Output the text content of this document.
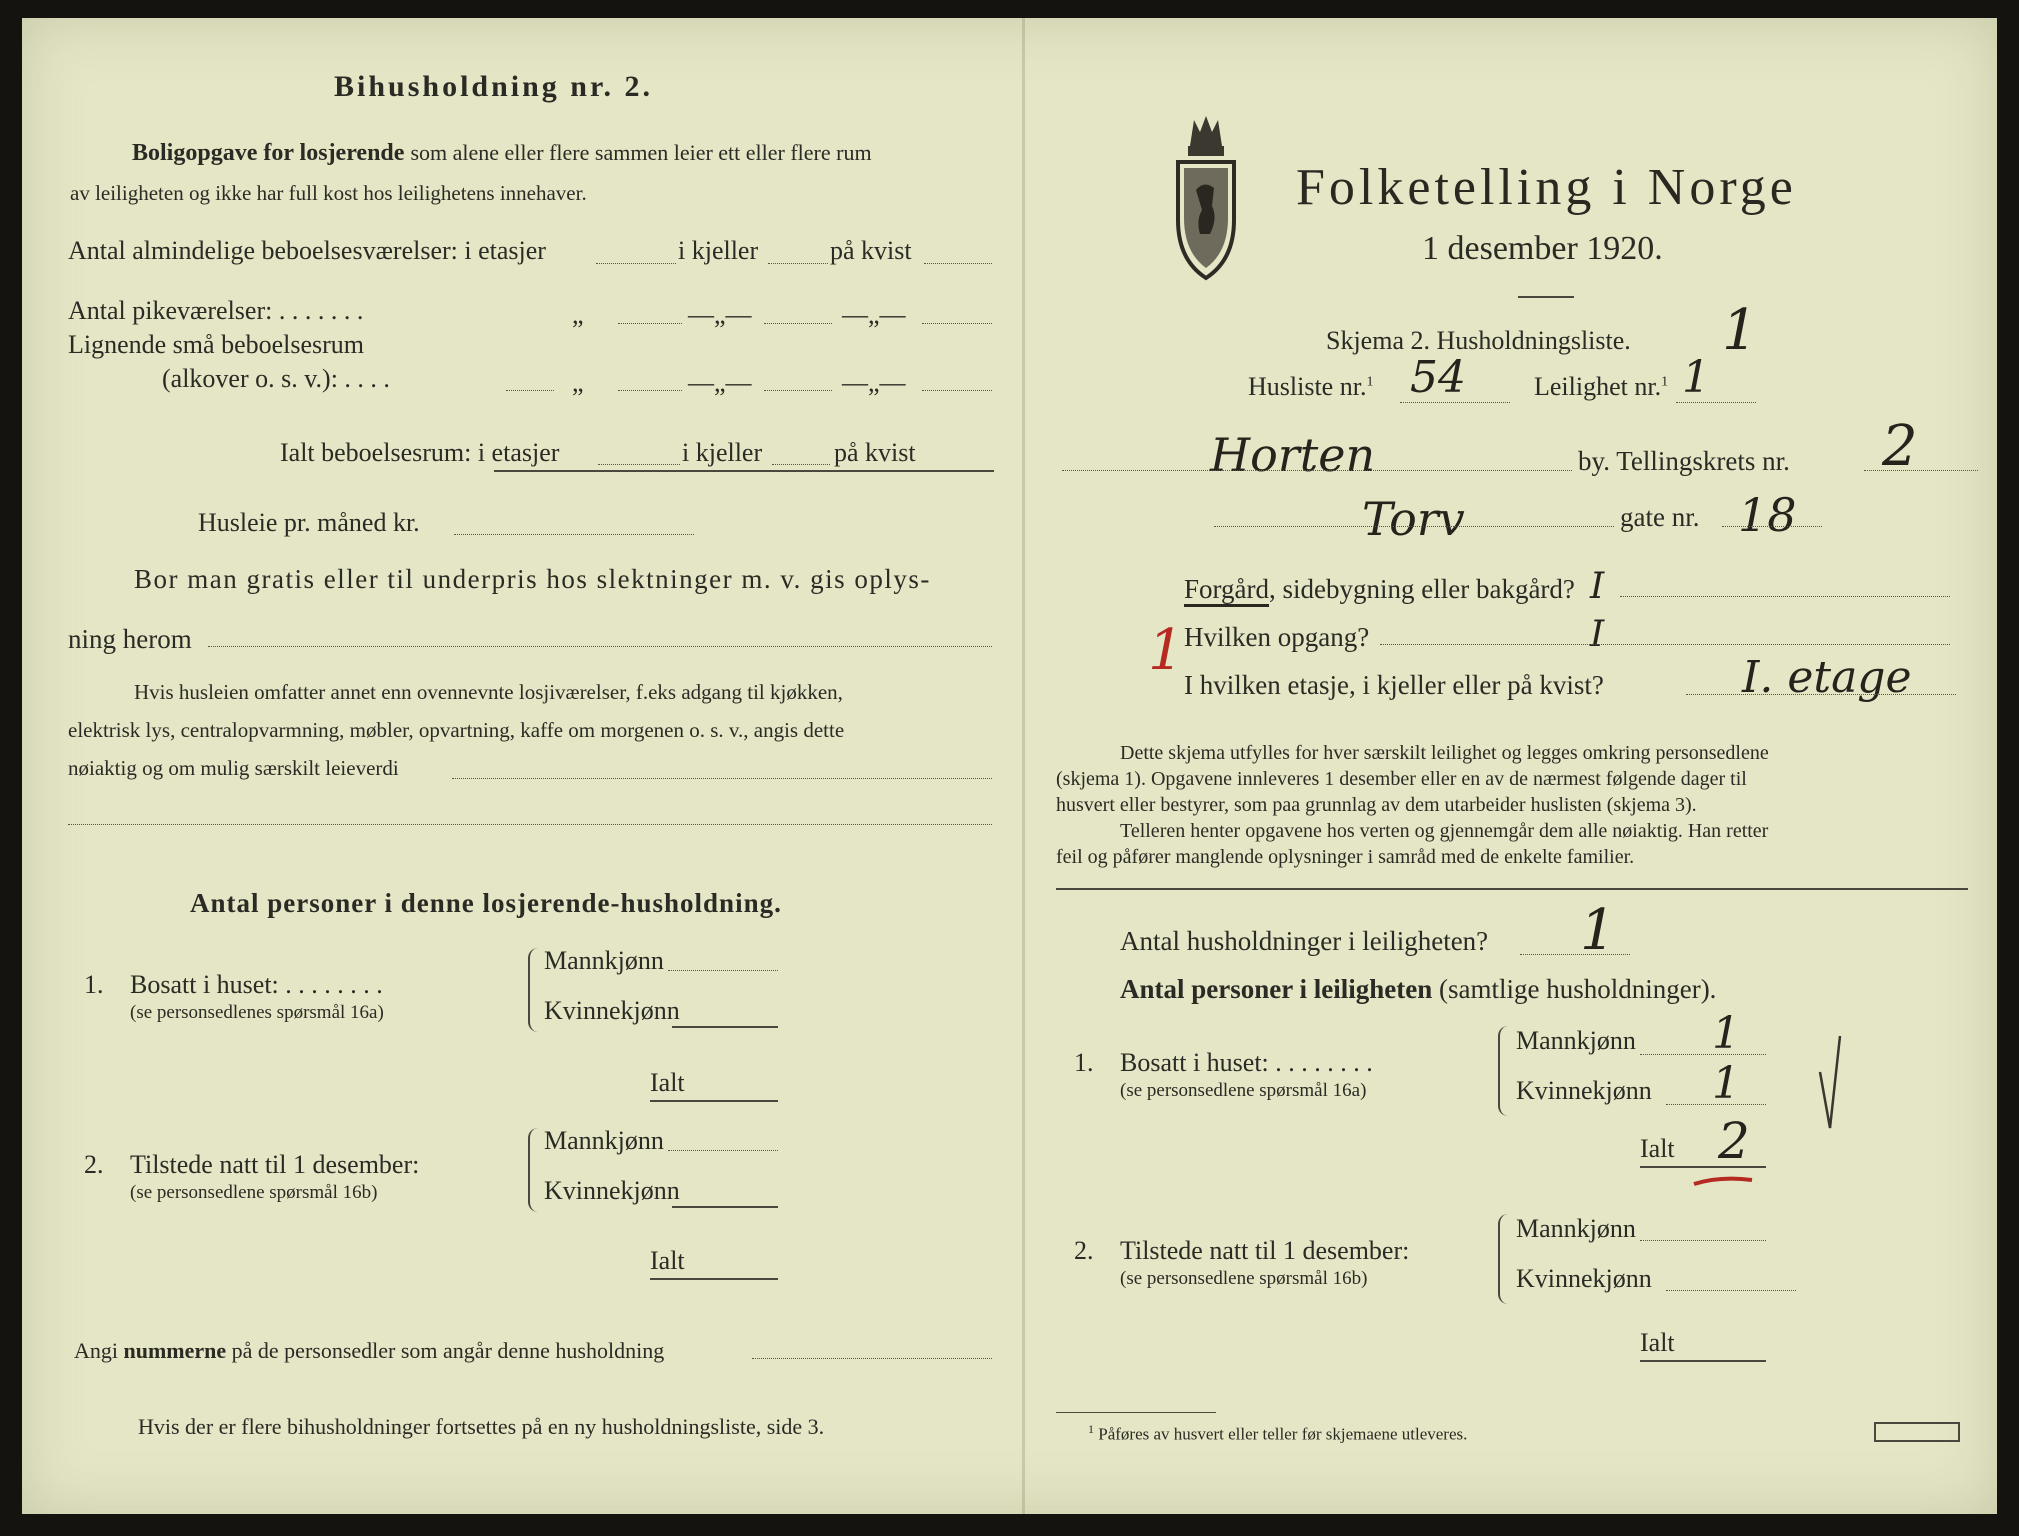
Bihusholdning nr. 2.
Boligopgave for losjerende som alene eller flere sammen leier ett eller flere rum
av leiligheten og ikke har full kost hos leilighetens innehaver.
Antal almindelige beboelsesværelser: i etasjer	i kjeller	på kvist
Antal pikeværelser: . . . . . . .	„	—„—	—„—
Lignende små beboelsesrum
(alkover o. s. v.): . . . .	„	—„—	—„—
Ialt beboelsesrum: i etasjer	i kjeller	på kvist
Husleie pr. måned kr.
Bor man gratis eller til underpris hos slektninger m. v. gis oplys-
ning herom
Hvis husleien omfatter annet enn ovennevnte losjiværelser, f.eks adgang til kjøkken,
elektrisk lys, centralopvarmning, møbler, opvartning, kaffe om morgenen o. s. v., angis dette
nøiaktig og om mulig særskilt leieverdi
Antal personer i denne losjerende-husholdning.
1. Bosatt i huset: . . . . . . . .
(se personsedlenes spørsmål 16a)
Mannkjønn
Kvinnekjønn
Ialt
2. Tilstede natt til 1 desember:
(se personsedlene spørsmål 16b)
Mannkjønn
Kvinnekjønn
Ialt
Angi nummerne på de personsedler som angår denne husholdning
Hvis der er flere bihusholdninger fortsettes på en ny husholdningsliste, side 3.
Folketelling i Norge
1 desember 1920.
Skjema 2. Husholdningsliste. 1
Husliste nr.$^1$ 54	Leilighet nr.$^1$ 1
Horten	by. Tellingskrets nr. 2
Torv	gate nr. 18
Forgård, sidebygning eller bakgård? I
1 Hvilken opgang?	I
I hvilken etasje, i kjeller eller på kvist?	I. etage
Dette skjema utfylles for hver særskilt leilighet og legges omkring personsedlene
(skjema 1). Opgavene innleveres 1 desember eller en av de nærmest følgende dager til
husvert eller bestyrer, som paa grunnlag av dem utarbeider huslisten (skjema 3).
Telleren henter opgavene hos verten og gjennemgår dem alle nøiaktig. Han retter
feil og påfører manglende oplysninger i samråd med de enkelte familier.
Antal husholdninger i leiligheten? 1
Antal personer i leiligheten (samtlige husholdninger).
1. Bosatt i huset: . . . . . . . .
(se personsedlene spørsmål 16a)
Mannkjønn 1
Kvinnekjønn 1
Ialt 2
2. Tilstede natt til 1 desember:
(se personsedlene spørsmål 16b)
Mannkjønn
Kvinnekjønn
Ialt
$^1$ Påføres av husvert eller teller før skjemaene utleveres.
